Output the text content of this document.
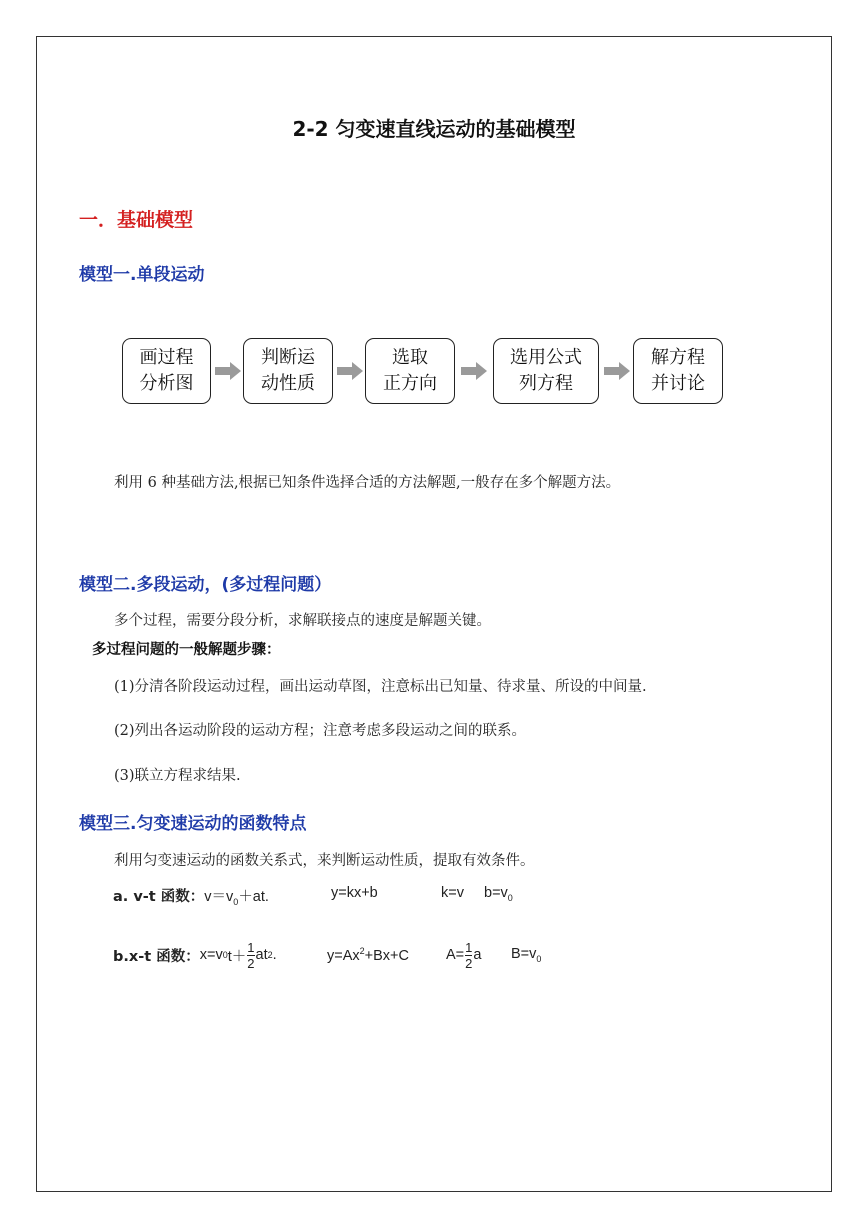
2-2 匀变速直线运动的基础模型
一．基础模型
模型一.单段运动
画过程
分析图
判断运
动性质
选取
正方向
选用公式
列方程
解方程
并讨论
利用 6 种基础方法,根据已知条件选择合适的方法解题,一般存在多个解题方法。
模型二.多段运动，(多过程问题）
多个过程，需要分段分析，求解联接点的速度是解题关键。
多过程问题的一般解题步骤：
(1)分清各阶段运动过程，画出运动草图，注意标出已知量、待求量、所设的中间量.
(2)列出各运动阶段的运动方程；注意考虑多段运动之间的联系。
(3)联立方程求结果.
模型三.匀变速运动的函数特点
利用匀变速运动的函数关系式，来判断运动性质，提取有效条件。
a. v-t 函数：$v=v_0+at$.	y=kx+b	k=v $b=v_0$
b.x-t 函数： x=v 0 $t+ \frac{1}{2}$ at 2 .	$y=Ax^2+Bx+C$	$A= \frac{1}{2}$ a $B=v_0$
